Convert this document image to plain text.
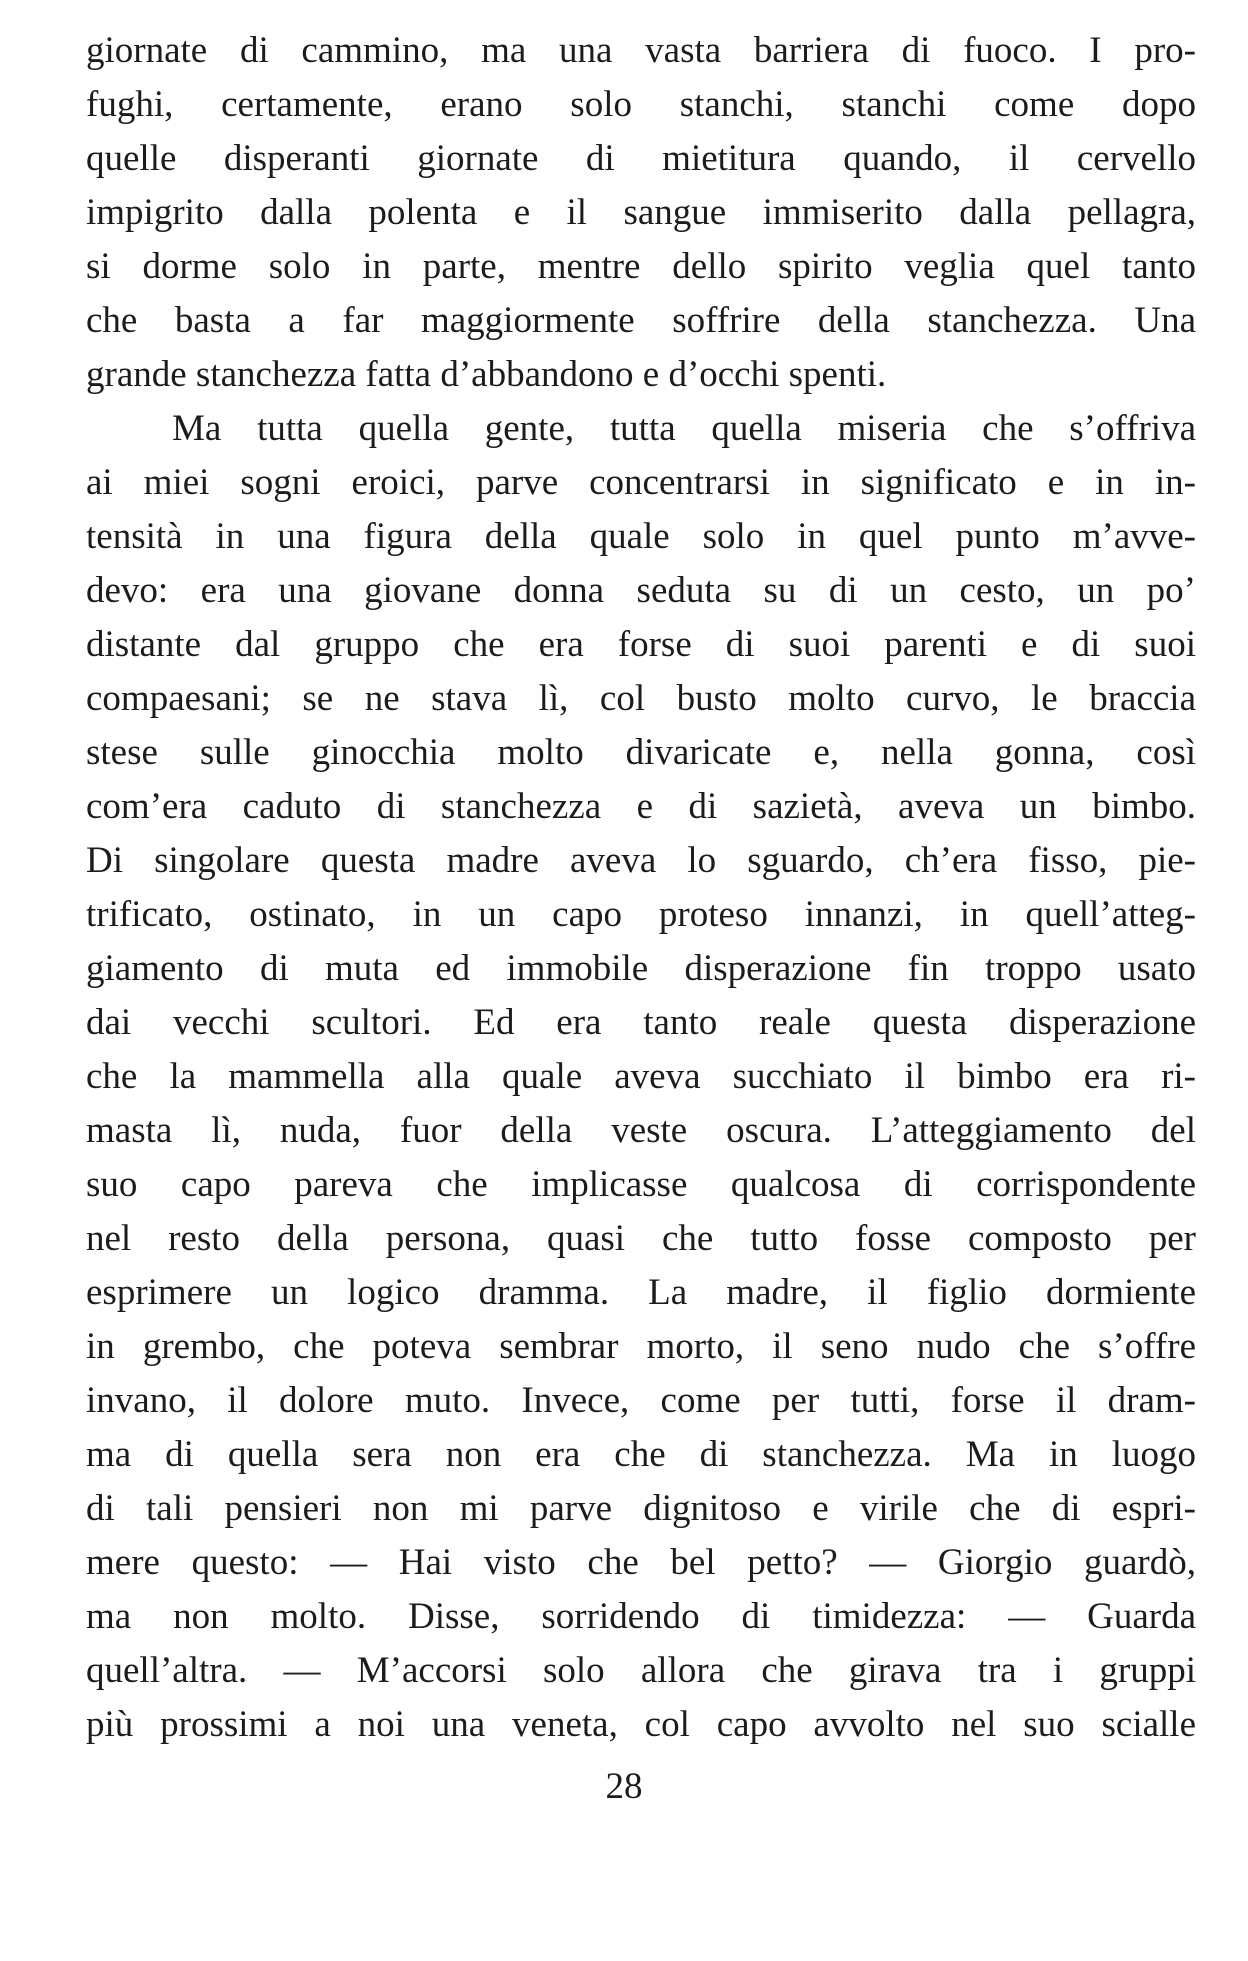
giornate di cammino, ma una vasta barriera di fuoco. I pro-
fughi, certamente, erano solo stanchi, stanchi come dopo
quelle disperanti giornate di mietitura quando, il cervello
impigrito dalla polenta e il sangue immiserito dalla pellagra,
si dorme solo in parte, mentre dello spirito veglia quel tanto
che basta a far maggiormente soffrire della stanchezza. Una
grande stanchezza fatta d’abbandono e d’occhi spenti.
Ma tutta quella gente, tutta quella miseria che s’offriva
ai miei sogni eroici, parve concentrarsi in significato e in in-
tensità in una figura della quale solo in quel punto m’avve-
devo: era una giovane donna seduta su di un cesto, un po’
distante dal gruppo che era forse di suoi parenti e di suoi
compaesani; se ne stava lì, col busto molto curvo, le braccia
stese sulle ginocchia molto divaricate e, nella gonna, così
com’era caduto di stanchezza e di sazietà, aveva un bimbo.
Di singolare questa madre aveva lo sguardo, ch’era fisso, pie-
trificato, ostinato, in un capo proteso innanzi, in quell’atteg-
giamento di muta ed immobile disperazione fin troppo usato
dai vecchi scultori. Ed era tanto reale questa disperazione
che la mammella alla quale aveva succhiato il bimbo era ri-
masta lì, nuda, fuor della veste oscura. L’atteggiamento del
suo capo pareva che implicasse qualcosa di corrispondente
nel resto della persona, quasi che tutto fosse composto per
esprimere un logico dramma. La madre, il figlio dormiente
in grembo, che poteva sembrar morto, il seno nudo che s’offre
invano, il dolore muto. Invece, come per tutti, forse il dram-
ma di quella sera non era che di stanchezza. Ma in luogo
di tali pensieri non mi parve dignitoso e virile che di espri-
mere questo: — Hai visto che bel petto? — Giorgio guardò,
ma non molto. Disse, sorridendo di timidezza: — Guarda
quell’altra. — M’accorsi solo allora che girava tra i gruppi
più prossimi a noi una veneta, col capo avvolto nel suo scialle
28
